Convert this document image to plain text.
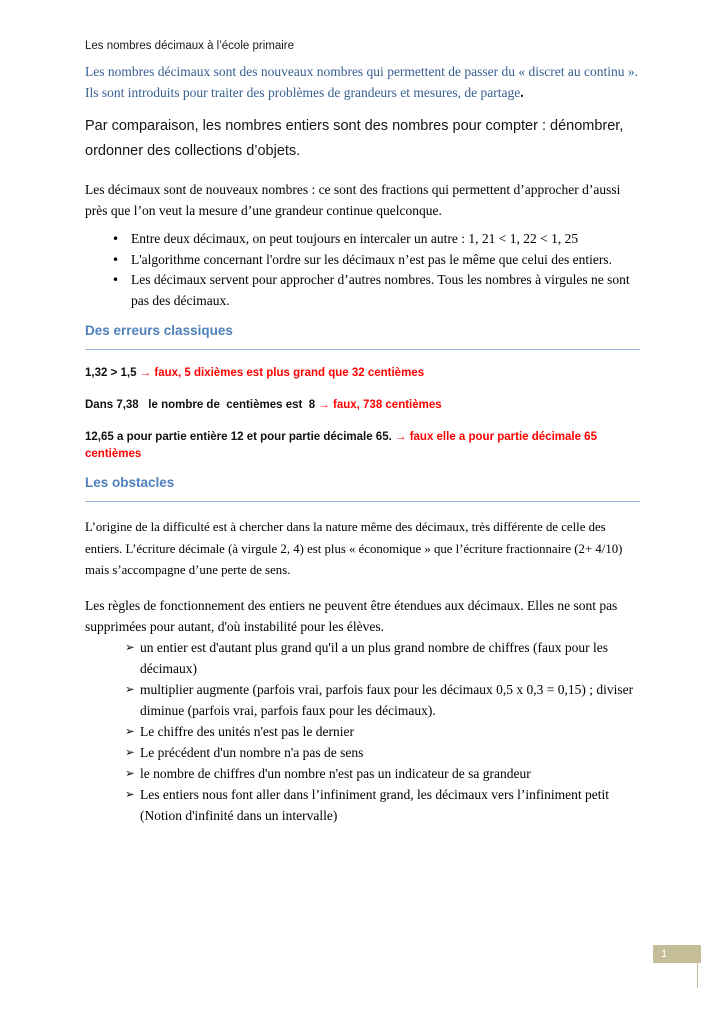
Les nombres décimaux à l’école primaire

Les nombres décimaux sont des nouveaux nombres qui permettent de passer du « discret au continu ». Ils sont introduits pour traiter des problèmes de grandeurs et mesures, de partage.

Par comparaison, les nombres entiers sont des nombres pour compter : dénombrer, ordonner des collections d’objets.

Les décimaux sont de nouveaux nombres : ce sont des fractions qui permettent d’approcher d’aussi près que l’on veut la mesure d’une grandeur continue quelconque.

• Entre deux décimaux, on peut toujours en intercaler un autre : 1, 21 < 1, 22 < 1, 25
• L'algorithme concernant l'ordre sur les décimaux n’est pas le même que celui des entiers.
• Les décimaux servent pour approcher d’autres nombres. Tous les nombres à virgules ne sont pas des décimaux.
Des erreurs classiques

1,32 > 1,5 → faux, 5 dixièmes est plus grand que 32 centièmes

Dans 7,38   le nombre de  centièmes est  8 → faux, 738 centièmes

12,65 a pour partie entière 12 et pour partie décimale 65. → faux elle a pour partie décimale 65 centièmes

Les obstacles

L’origine de la difficulté est à chercher dans la nature même des décimaux, très différente de celle des entiers. L’écriture décimale (à virgule 2, 4) est plus « économique » que l’écriture fractionnaire (2+ 4/10) mais s’accompagne d’une perte de sens.

Les règles de fonctionnement des entiers ne peuvent être étendues aux décimaux. Elles ne sont pas supprimées pour autant, d'où instabilité pour les élèves.

➢ un entier est d'autant plus grand qu'il a un plus grand nombre de chiffres (faux pour les décimaux)
➢ multiplier augmente (parfois vrai, parfois faux pour les décimaux 0,5 x 0,3 = 0,15) ; diviser diminue (parfois vrai, parfois faux pour les décimaux).
➢ Le chiffre des unités n'est pas le dernier
➢ Le précédent d'un nombre n'a pas de sens
➢ le nombre de chiffres d'un nombre n'est pas un indicateur de sa grandeur
➢ Les entiers nous font aller dans l’infiniment grand, les décimaux vers l’infiniment petit (Notion d'infinité dans un intervalle)
1
